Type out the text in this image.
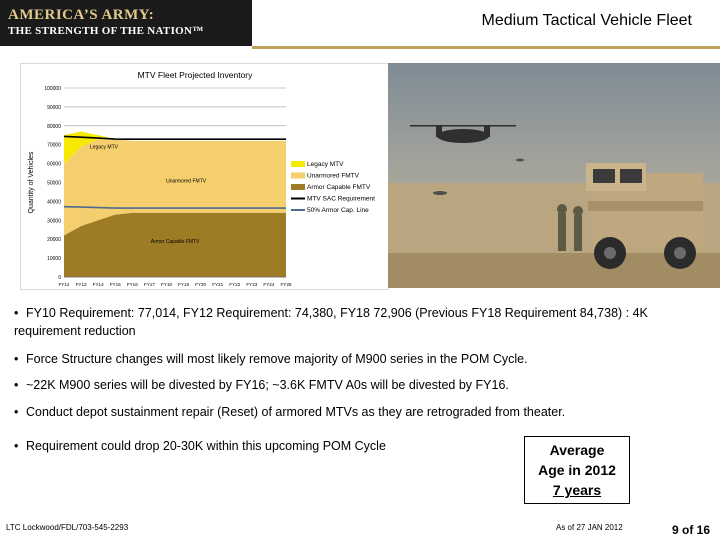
AMERICA’S ARMY:
THE STRENGTH OF THE NATION™
Medium Tactical Vehicle Fleet
MTV Fleet Projected Inventory
100000
90000
80000
70000
60000
50000
40000
30000
20000
10000
0
Quantity of Vehicles
FY12 FY13 FY14 FY15 FY16 FY17 FY18 FY19 FY20 FY21 FY22 FY23 FY24 FY25
Legacy MTV
Unarmored FMTV
Armor Capable FMTV
Legacy MTV
Unarmored FMTV
Armor Capable FMTV
MTV SAC Requirement
50% Armor Cap. Line
• FY10 Requirement: 77,014, FY12 Requirement: 74,380, FY18 72,906 (Previous FY18 Requirement 84,738) : 4K requirement reduction
• Force Structure changes will most likely remove majority of M900 series in the POM Cycle.
• ~22K M900 series will be divested by FY16; ~3.6K FMTV A0s will be divested by FY16.
• Conduct depot sustainment repair (Reset) of armored MTVs as they are retrograded from theater.
• Requirement could drop 20-30K within this upcoming POM Cycle	Average
Age in 2012
7 years
LTC Lockwood/FDL/703-545-2293	As of 27 JAN 2012	9 of 16
